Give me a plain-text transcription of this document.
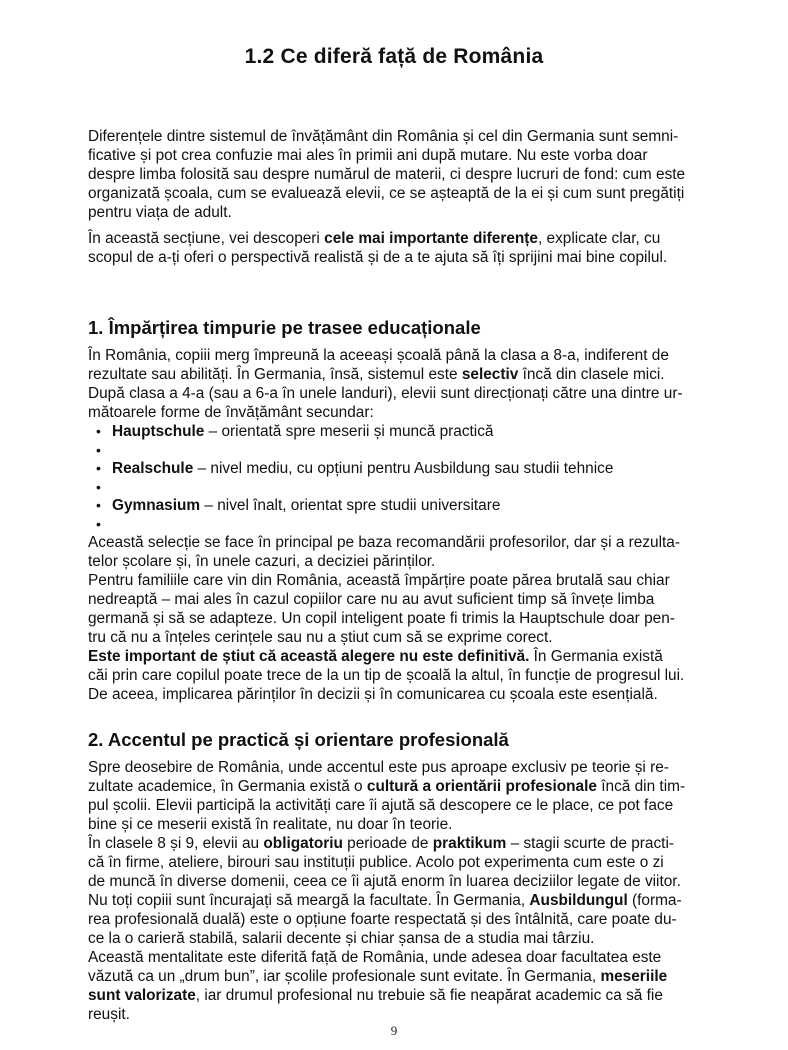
1.2 Ce diferă față de România
Diferențele dintre sistemul de învățământ din România și cel din Germania sunt semni-
ficative și pot crea confuzie mai ales în primii ani după mutare. Nu este vorba doar
despre limba folosită sau despre numărul de materii, ci despre lucruri de fond: cum este
organizată școala, cum se evaluează elevii, ce se așteaptă de la ei și cum sunt pregătiți
pentru viața de adult.
În această secțiune, vei descoperi cele mai importante diferențe, explicate clar, cu
scopul de a-ți oferi o perspectivă realistă și de a te ajuta să îți sprijini mai bine copilul.
1. Împărțirea timpurie pe trasee educaționale
În România, copiii merg împreună la aceeași școală până la clasa a 8-a, indiferent de
rezultate sau abilități. În Germania, însă, sistemul este selectiv încă din clasele mici.
După clasa a 4-a (sau a 6-a în unele landuri), elevii sunt direcționați către una dintre ur-
mătoarele forme de învățământ secundar:
• Hauptschule – orientată spre meserii și muncă practică
•
• Realschule – nivel mediu, cu opțiuni pentru Ausbildung sau studii tehnice
•
• Gymnasium – nivel înalt, orientat spre studii universitare
•
Această selecție se face în principal pe baza recomandării profesorilor, dar și a rezulta-
telor școlare și, în unele cazuri, a deciziei părinților.
Pentru familiile care vin din România, această împărțire poate părea brutală sau chiar
nedreaptă – mai ales în cazul copiilor care nu au avut suficient timp să învețe limba
germană și să se adapteze. Un copil inteligent poate fi trimis la Hauptschule doar pen-
tru că nu a înțeles cerințele sau nu a știut cum să se exprime corect.
Este important de știut că această alegere nu este definitivă. În Germania există
căi prin care copilul poate trece de la un tip de școală la altul, în funcție de progresul lui.
De aceea, implicarea părinților în decizii și în comunicarea cu școala este esențială.
2. Accentul pe practică și orientare profesională
Spre deosebire de România, unde accentul este pus aproape exclusiv pe teorie și re-
zultate academice, în Germania există o cultură a orientării profesionale încă din tim-
pul școlii. Elevii participă la activități care îi ajută să descopere ce le place, ce pot face
bine și ce meserii există în realitate, nu doar în teorie.
În clasele 8 și 9, elevii au obligatoriu perioade de praktikum – stagii scurte de practi-
că în firme, ateliere, birouri sau instituții publice. Acolo pot experimenta cum este o zi
de muncă în diverse domenii, ceea ce îi ajută enorm în luarea deciziilor legate de viitor.
Nu toți copiii sunt încurajați să meargă la facultate. În Germania, Ausbildungul (forma-
rea profesională duală) este o opțiune foarte respectată și des întâlnită, care poate du-
ce la o carieră stabilă, salarii decente și chiar șansa de a studia mai târziu.
Această mentalitate este diferită față de România, unde adesea doar facultatea este
văzută ca un „drum bun”, iar școlile profesionale sunt evitate. În Germania, meseriile
sunt valorizate, iar drumul profesional nu trebuie să fie neapărat academic ca să fie
reușit.
9
